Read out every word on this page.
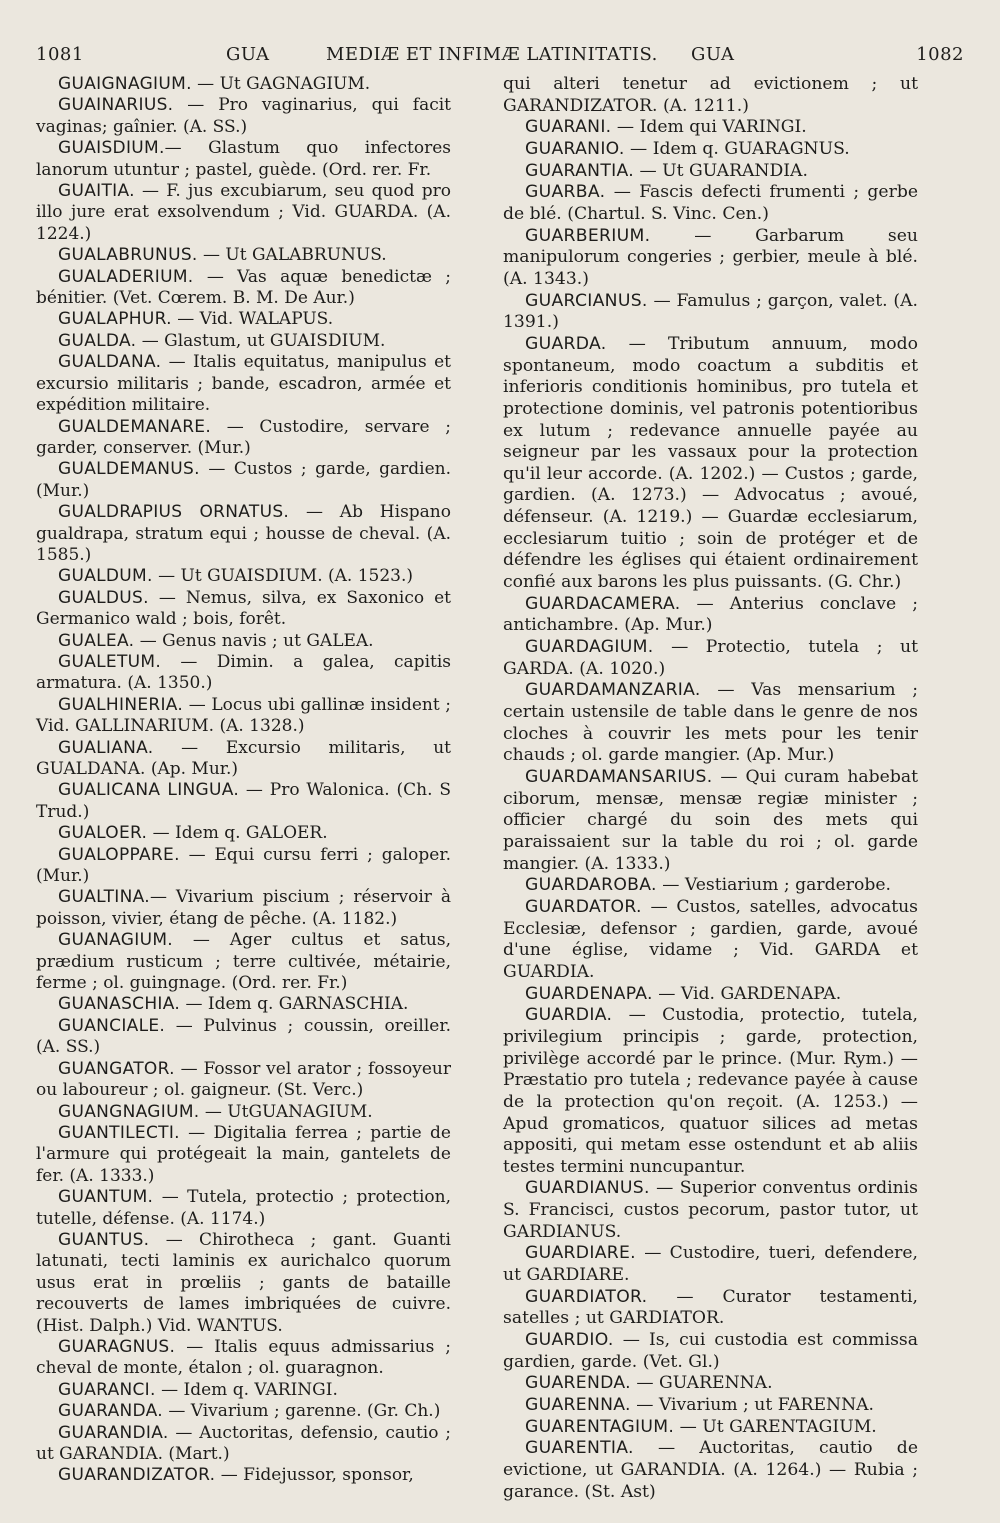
1081	GUA	MEDIÆ ET INFIMÆ LATINITATIS. GUA	1082

GUAIGNAGIUM. — Ut GAGNAGIUM.

GUAINARIUS. — Pro vaginarius, qui facit vaginas; gaînier. (A. SS.)

GUAISDIUM.— Glastum quo infectores lanorum utuntur ; pastel, guède. (Ord. rer. Fr.

GUAITIA. — F. jus excubiarum, seu quod pro illo jure erat exsolvendum ; Vid. GUARDA. (A. 1224.)

GUALABRUNUS. — Ut GALABRUNUS.

GUALADERIUM. — Vas aquæ benedictæ ; bénitier. (Vet. Cœrem. B. M. De Aur.)

GUALAPHUR. — Vid. WALAPUS.

GUALDA. — Glastum, ut GUAISDIUM.

GUALDANA. — Italis equitatus, manipulus et excursio militaris ; bande, escadron, armée et expédition militaire.

GUALDEMANARE. — Custodire, servare ; garder, conserver. (Mur.)

GUALDEMANUS. — Custos ; garde, gardien. (Mur.)

GUALDRAPIUS ORNATUS. — Ab Hispano gualdrapa, stratum equi ; housse de cheval. (A. 1585.)

GUALDUM. — Ut GUAISDIUM. (A. 1523.)

GUALDUS. — Nemus, silva, ex Saxonico et Germanico wald ; bois, forêt.

GUALEA. — Genus navis ; ut GALEA.

GUALETUM. — Dimin. a galea, capitis armatura. (A. 1350.)

GUALHINERIA. — Locus ubi gallinæ insident ; Vid. GALLINARIUM. (A. 1328.)

GUALIANA. — Excursio militaris, ut GUALDANA. (Ap. Mur.)

GUALICANA LINGUA. — Pro Walonica. (Ch. S Trud.)

GUALOER. — Idem q. GALOER.

GUALOPPARE. — Equi cursu ferri ; galoper. (Mur.)

GUALTINA.— Vivarium piscium ; réservoir à poisson, vivier, étang de pêche. (A. 1182.)

GUANAGIUM. — Ager cultus et satus, prædium rusticum ; terre cultivée, métairie, ferme ; ol. guingnage. (Ord. rer. Fr.)

GUANASCHIA. — Idem q. GARNASCHIA.

GUANCIALE. — Pulvinus ; coussin, oreiller. (A. SS.)

GUANGATOR. — Fossor vel arator ; fossoyeur ou laboureur ; ol. gaigneur. (St. Verc.)

GUANGNAGIUM. — UtGUANAGIUM.

GUANTILECTI. — Digitalia ferrea ; partie de l'armure qui protégeait la main, gantelets de fer. (A. 1333.)

GUANTUM. — Tutela, protectio ; protection, tutelle, défense. (A. 1174.)

GUANTUS. — Chirotheca ; gant. Guanti latunati, tecti laminis ex aurichalco quorum usus erat in prœliis ; gants de bataille recouverts de lames imbriquées de cuivre. (Hist. Dalph.) Vid. WANTUS.

GUARAGNUS. — Italis equus admissarius ; cheval de monte, étalon ; ol. guaragnon.

GUARANCI. — Idem q. VARINGI.

GUARANDA. — Vivarium ; garenne. (Gr. Ch.)

GUARANDIA. — Auctoritas, defensio, cautio ; ut GARANDIA. (Mart.)

GUARANDIZATOR. — Fidejussor, sponsor,

qui alteri tenetur ad evictionem ; ut GARANDIZATOR. (A. 1211.)

GUARANI. — Idem qui VARINGI.

GUARANIO. — Idem q. GUARAGNUS.

GUARANTIA. — Ut GUARANDIA.

GUARBA. — Fascis defecti frumenti ; gerbe de blé. (Chartul. S. Vinc. Cen.)

GUARBERIUM. — Garbarum seu manipulorum congeries ; gerbier, meule à blé. (A. 1343.)

GUARCIANUS. — Famulus ; garçon, valet. (A. 1391.)

GUARDA. — Tributum annuum, modo spontaneum, modo coactum a subditis et inferioris conditionis hominibus, pro tutela et protectione dominis, vel patronis potentioribus ex lutum ; redevance annuelle payée au seigneur par les vassaux pour la protection qu'il leur accorde. (A. 1202.) — Custos ; garde, gardien. (A. 1273.) — Advocatus ; avoué, défenseur. (A. 1219.) — Guardæ ecclesiarum, ecclesiarum tuitio ; soin de protéger et de défendre les églises qui étaient ordinairement confié aux barons les plus puissants. (G. Chr.)

GUARDACAMERA. — Anterius conclave ; antichambre. (Ap. Mur.)

GUARDAGIUM. — Protectio, tutela ; ut GARDA. (A. 1020.)

GUARDAMANZARIA. — Vas mensarium ; certain ustensile de table dans le genre de nos cloches à couvrir les mets pour les tenir chauds ; ol. garde mangier. (Ap. Mur.)

GUARDAMANSARIUS. — Qui curam habebat ciborum, mensæ, mensæ regiæ minister ; officier chargé du soin des mets qui paraissaient sur la table du roi ; ol. garde mangier. (A. 1333.)

GUARDAROBA. — Vestiarium ; garderobe.

GUARDATOR. — Custos, satelles, advocatus Ecclesiæ, defensor ; gardien, garde, avoué d'une église, vidame ; Vid. GARDA et GUARDIA.

GUARDENAPA. — Vid. GARDENAPA.

GUARDIA. — Custodia, protectio, tutela, privilegium principis ; garde, protection, privilège accordé par le prince. (Mur. Rym.) — Præstatio pro tutela ; redevance payée à cause de la protection qu'on reçoit. (A. 1253.) — Apud gromaticos, quatuor silices ad metas appositi, qui metam esse ostendunt et ab aliis testes termini nuncupantur.

GUARDIANUS. — Superior conventus ordinis S. Francisci, custos pecorum, pastor tutor, ut GARDIANUS.

GUARDIARE. — Custodire, tueri, defendere, ut GARDIARE.

GUARDIATOR. — Curator testamenti, satelles ; ut GARDIATOR.

GUARDIO. — Is, cui custodia est commissa gardien, garde. (Vet. Gl.)

GUARENDA. — GUARENNA.

GUARENNA. — Vivarium ; ut FARENNA.

GUARENTAGIUM. — Ut GARENTAGIUM.

GUARENTIA. — Auctoritas, cautio de evictione, ut GARANDIA. (A. 1264.) — Rubia ; garance. (St. Ast)
